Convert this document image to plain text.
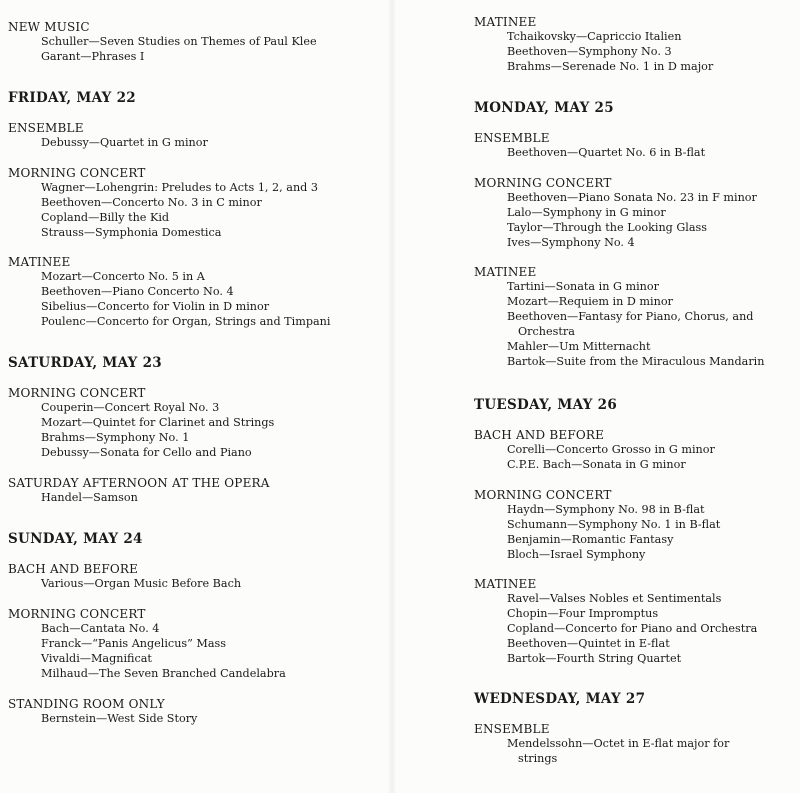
NEW MUSIC
Schuller—Seven Studies on Themes of Paul Klee
Garant—Phrases I
FRIDAY, MAY 22
ENSEMBLE
Debussy—Quartet in G minor
MORNING CONCERT
Wagner—Lohengrin: Preludes to Acts 1, 2, and 3
Beethoven—Concerto No. 3 in C minor
Copland—Billy the Kid
Strauss—Symphonia Domestica
MATINEE
Mozart—Concerto No. 5 in A
Beethoven—Piano Concerto No. 4
Sibelius—Concerto for Violin in D minor
Poulenc—Concerto for Organ, Strings and Timpani
SATURDAY, MAY 23
MORNING CONCERT
Couperin—Concert Royal No. 3
Mozart—Quintet for Clarinet and Strings
Brahms—Symphony No. 1
Debussy—Sonata for Cello and Piano
SATURDAY AFTERNOON AT THE OPERA
Handel—Samson
SUNDAY, MAY 24
BACH AND BEFORE
Various—Organ Music Before Bach
MORNING CONCERT
Bach—Cantata No. 4
Franck—“Panis Angelicus” Mass
Vivaldi—Magnificat
Milhaud—The Seven Branched Candelabra
STANDING ROOM ONLY
Bernstein—West Side Story
MATINEE
Tchaikovsky—Capriccio Italien
Beethoven—Symphony No. 3
Brahms—Serenade No. 1 in D major
MONDAY, MAY 25
ENSEMBLE
Beethoven—Quartet No. 6 in B-flat
MORNING CONCERT
Beethoven—Piano Sonata No. 23 in F minor
Lalo—Symphony in G minor
Taylor—Through the Looking Glass
Ives—Symphony No. 4
MATINEE
Tartini—Sonata in G minor
Mozart—Requiem in D minor
Beethoven—Fantasy for Piano, Chorus, and Orchestra
Mahler—Um Mitternacht
Bartok—Suite from the Miraculous Mandarin
TUESDAY, MAY 26
BACH AND BEFORE
Corelli—Concerto Grosso in G minor
C.P.E. Bach—Sonata in G minor
MORNING CONCERT
Haydn—Symphony No. 98 in B-flat
Schumann—Symphony No. 1 in B-flat
Benjamin—Romantic Fantasy
Bloch—Israel Symphony
MATINEE
Ravel—Valses Nobles et Sentimentals
Chopin—Four Impromptus
Copland—Concerto for Piano and Orchestra
Beethoven—Quintet in E-flat
Bartok—Fourth String Quartet
WEDNESDAY, MAY 27
ENSEMBLE
Mendelssohn—Octet in E-flat major for strings
